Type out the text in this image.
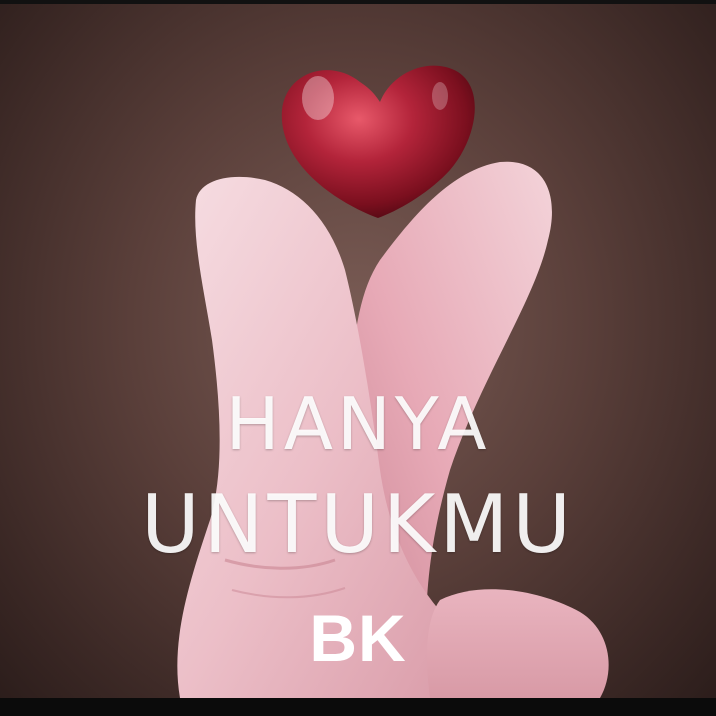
HANYA

UNTUKMU

BK
